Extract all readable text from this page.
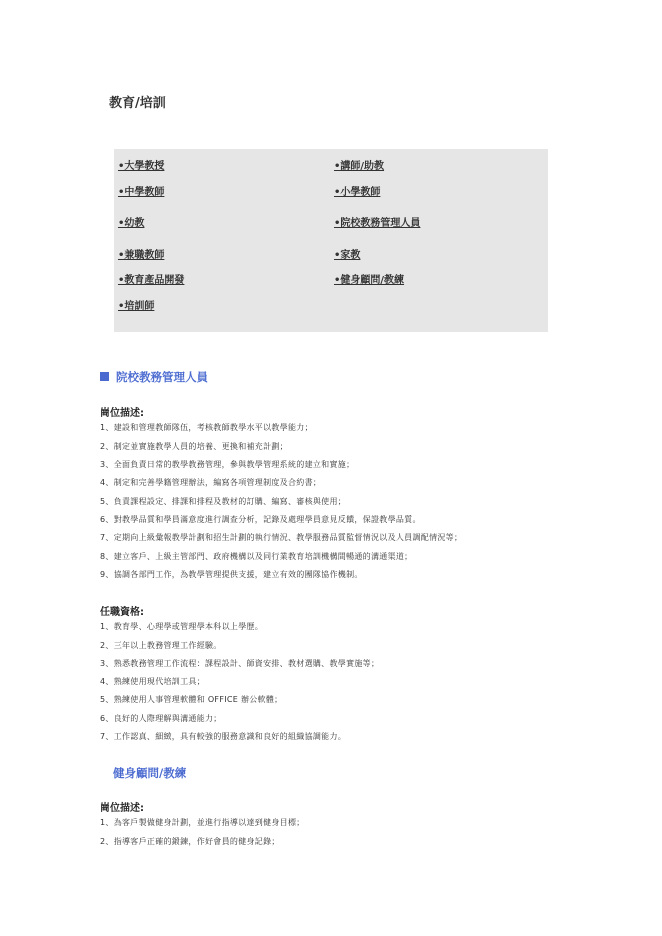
教育/培訓
•大學教授	•講師/助教
•中學教師	•小學教師
•幼教	•院校教務管理人員
•兼職教師	•家教
•教育產品開發	•健身顧問/教練
•培訓師
院校教務管理人員
崗位描述:
1、建設和管理教師隊伍，考核教師教學水平以教學能力；
2、制定並實施教學人員的培養、更換和補充計劃；
3、全面負責日常的教學教務管理，參與教學管理系統的建立和實施；
4、制定和完善學籍管理辦法，編寫各項管理制度及合約書；
5、負責課程設定、排課和排程及教材的訂購、編寫、審核與使用；
6、對教學品質和學員滿意度進行調查分析，記錄及處理學員意見反饋，保證教學品質。
7、定期向上級彙報教學計劃和招生計劃的執行情況、教學服務品質監督情況以及人員調配情況等；
8、建立客戶、上級主管部門、政府機構以及同行業教育培訓機構間暢通的溝通渠道；
9、協調各部門工作，為教學管理提供支援，建立有效的團隊協作機制。
任職資格:
1、教育學、心理學或管理學本科以上學歷。
2、三年以上教務管理工作經驗。
3、熟悉教務管理工作流程：課程設計、師資安排、教材選購、教學實施等；
4、熟練使用現代培訓工具；
5、熟練使用人事管理軟體和 OFFICE 辦公軟體；
6、良好的人際理解與溝通能力；
7、工作認真、細緻，具有較強的服務意識和良好的組織協調能力。
健身顧問/教練
崗位描述:
1、為客戶製做健身計劃，並進行指導以達到健身目標；
2、指導客戶正確的鍛鍊，作好會員的健身記錄；
